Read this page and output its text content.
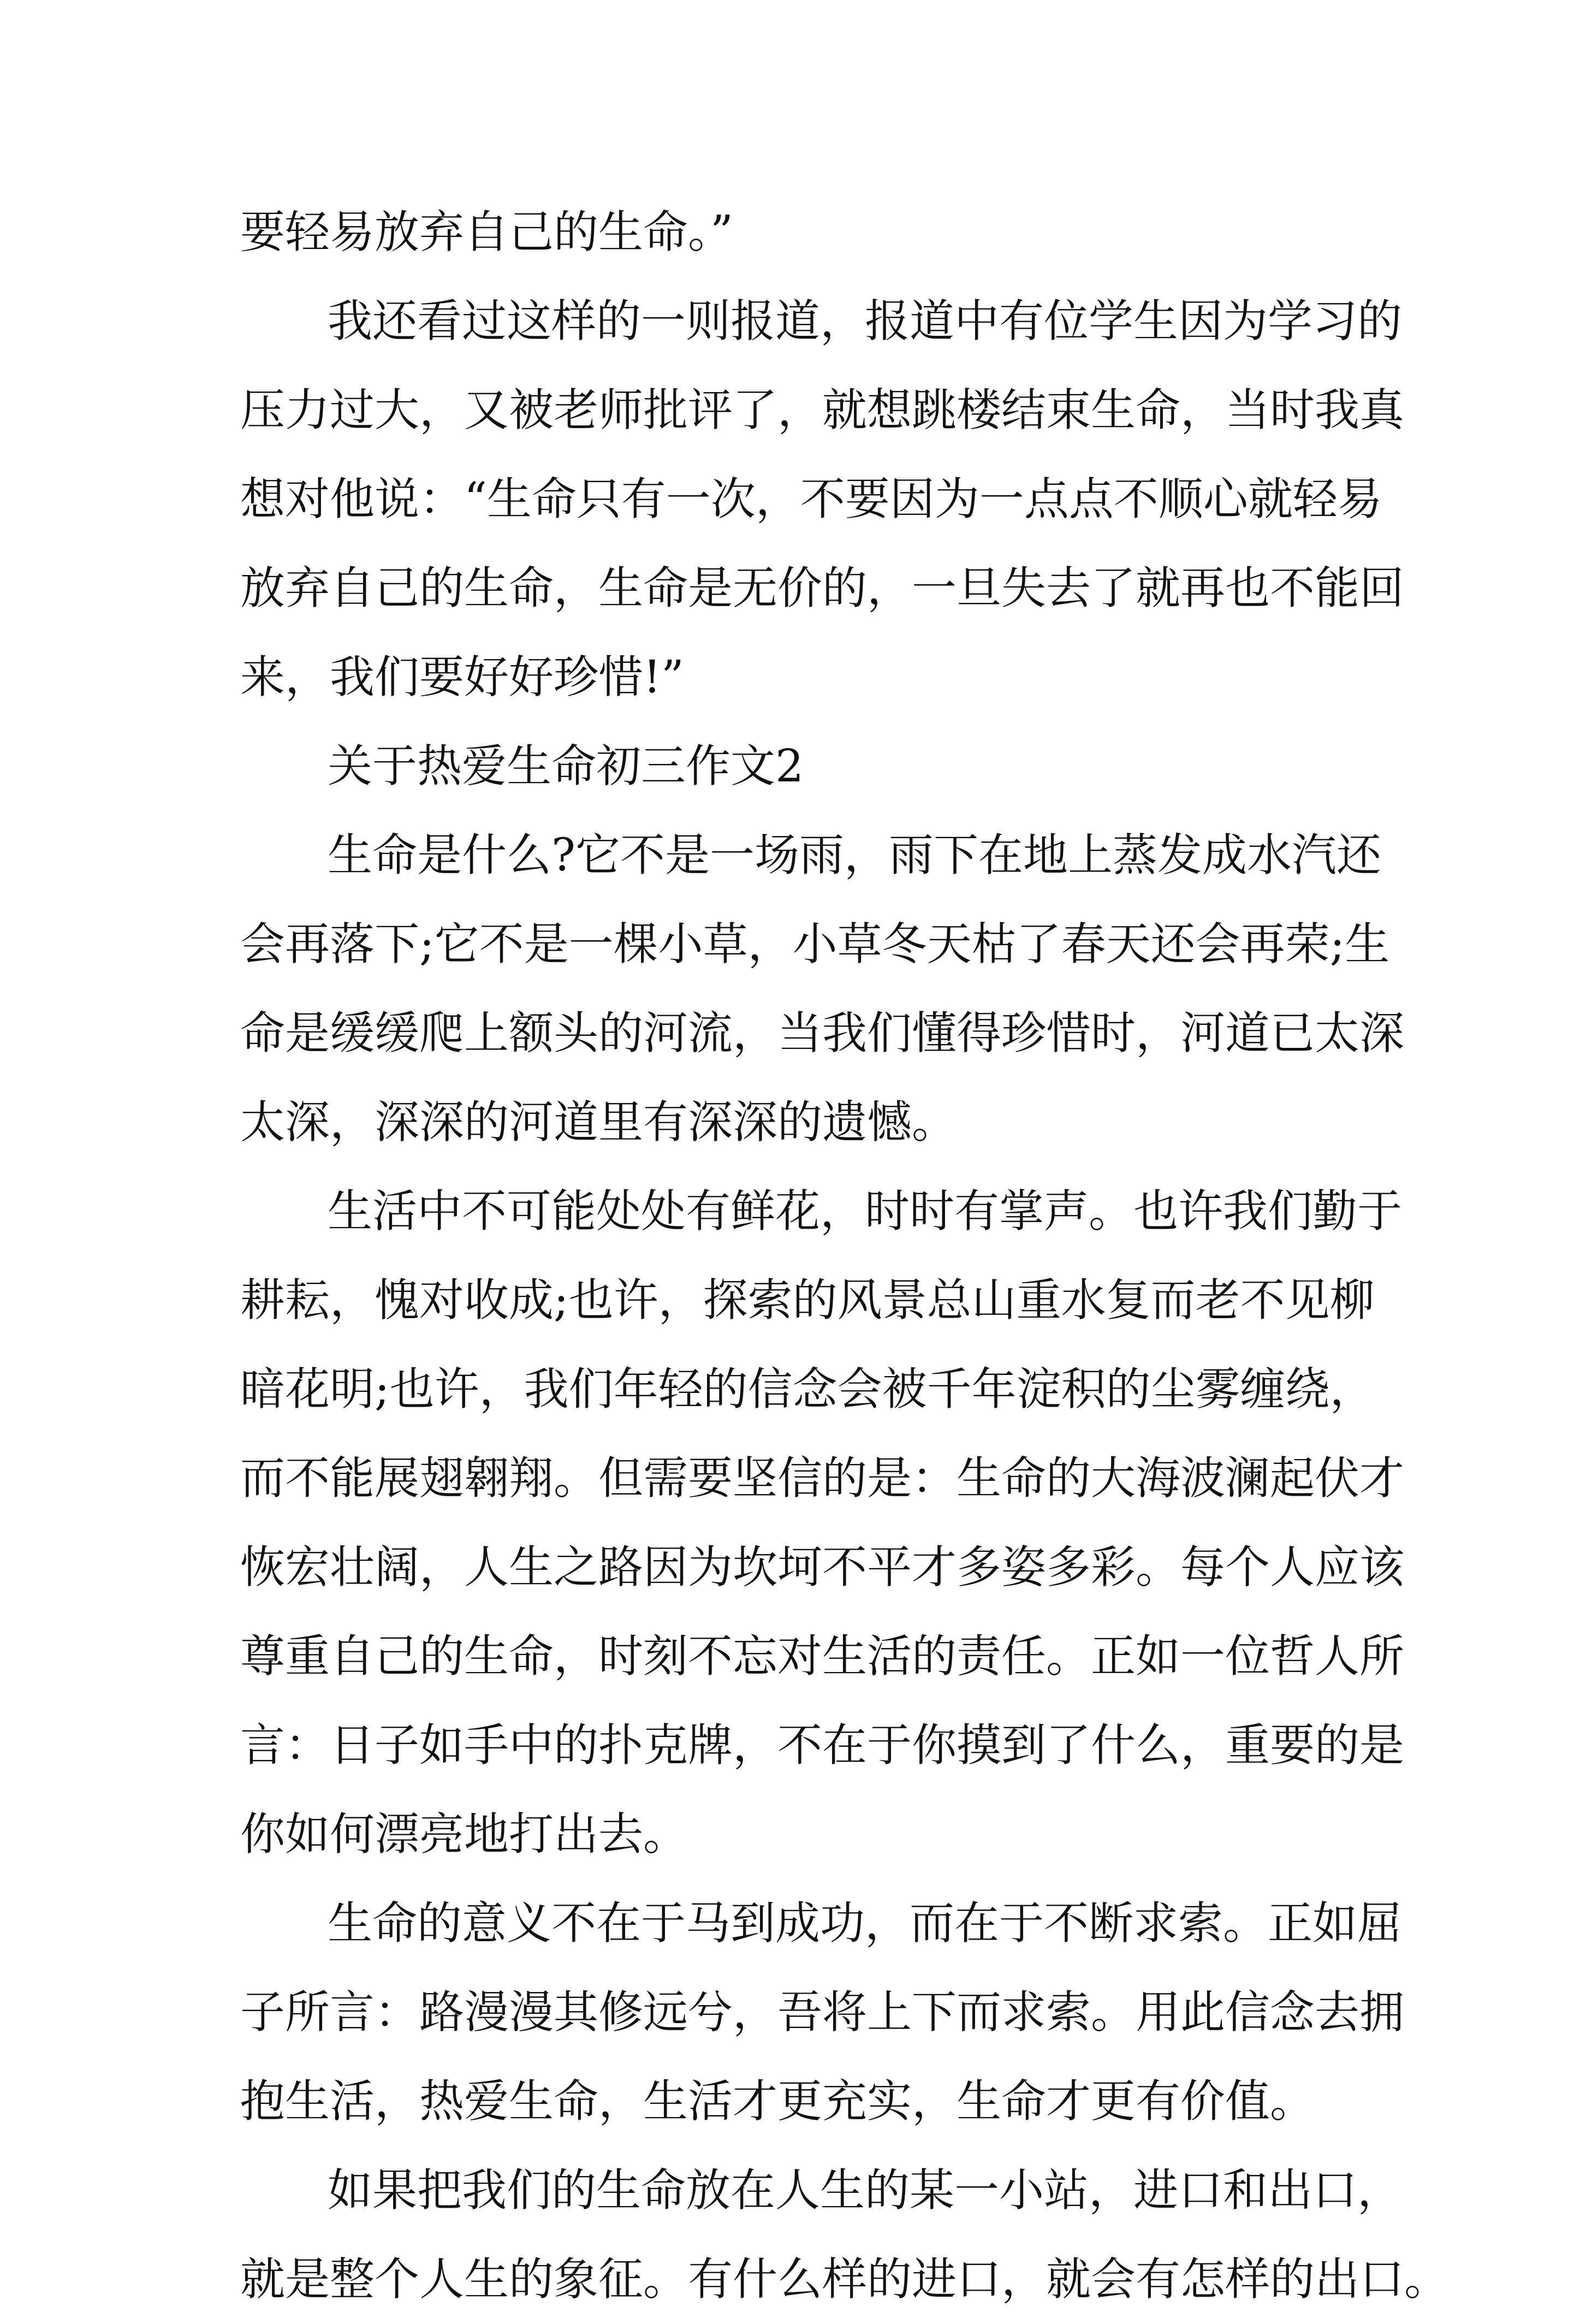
要轻易放弃自己的生命。”
我还看过这样的一则报道，报道中有位学生因为学习的
压力过大，又被老师批评了，就想跳楼结束生命，当时我真
想对他说：“生命只有一次，不要因为一点点不顺心就轻易
放弃自己的生命，生命是无价的，一旦失去了就再也不能回
来，我们要好好珍惜!”
关于热爱生命初三作文2
生命是什么?它不是一场雨，雨下在地上蒸发成水汽还
会再落下;它不是一棵小草，小草冬天枯了春天还会再荣;生
命是缓缓爬上额头的河流，当我们懂得珍惜时，河道已太深
太深，深深的河道里有深深的遗憾。
生活中不可能处处有鲜花，时时有掌声。也许我们勤于
耕耘，愧对收成;也许，探索的风景总山重水复而老不见柳
暗花明;也许，我们年轻的信念会被千年淀积的尘雾缠绕，
而不能展翅翱翔。但需要坚信的是：生命的大海波澜起伏才
恢宏壮阔，人生之路因为坎坷不平才多姿多彩。每个人应该
尊重自己的生命，时刻不忘对生活的责任。正如一位哲人所
言：日子如手中的扑克牌，不在于你摸到了什么，重要的是
你如何漂亮地打出去。
生命的意义不在于马到成功，而在于不断求索。正如屈
子所言：路漫漫其修远兮，吾将上下而求索。用此信念去拥
抱生活，热爱生命，生活才更充实，生命才更有价值。
如果把我们的生命放在人生的某一小站，进口和出口，
就是整个人生的象征。有什么样的进口，就会有怎样的出口。
